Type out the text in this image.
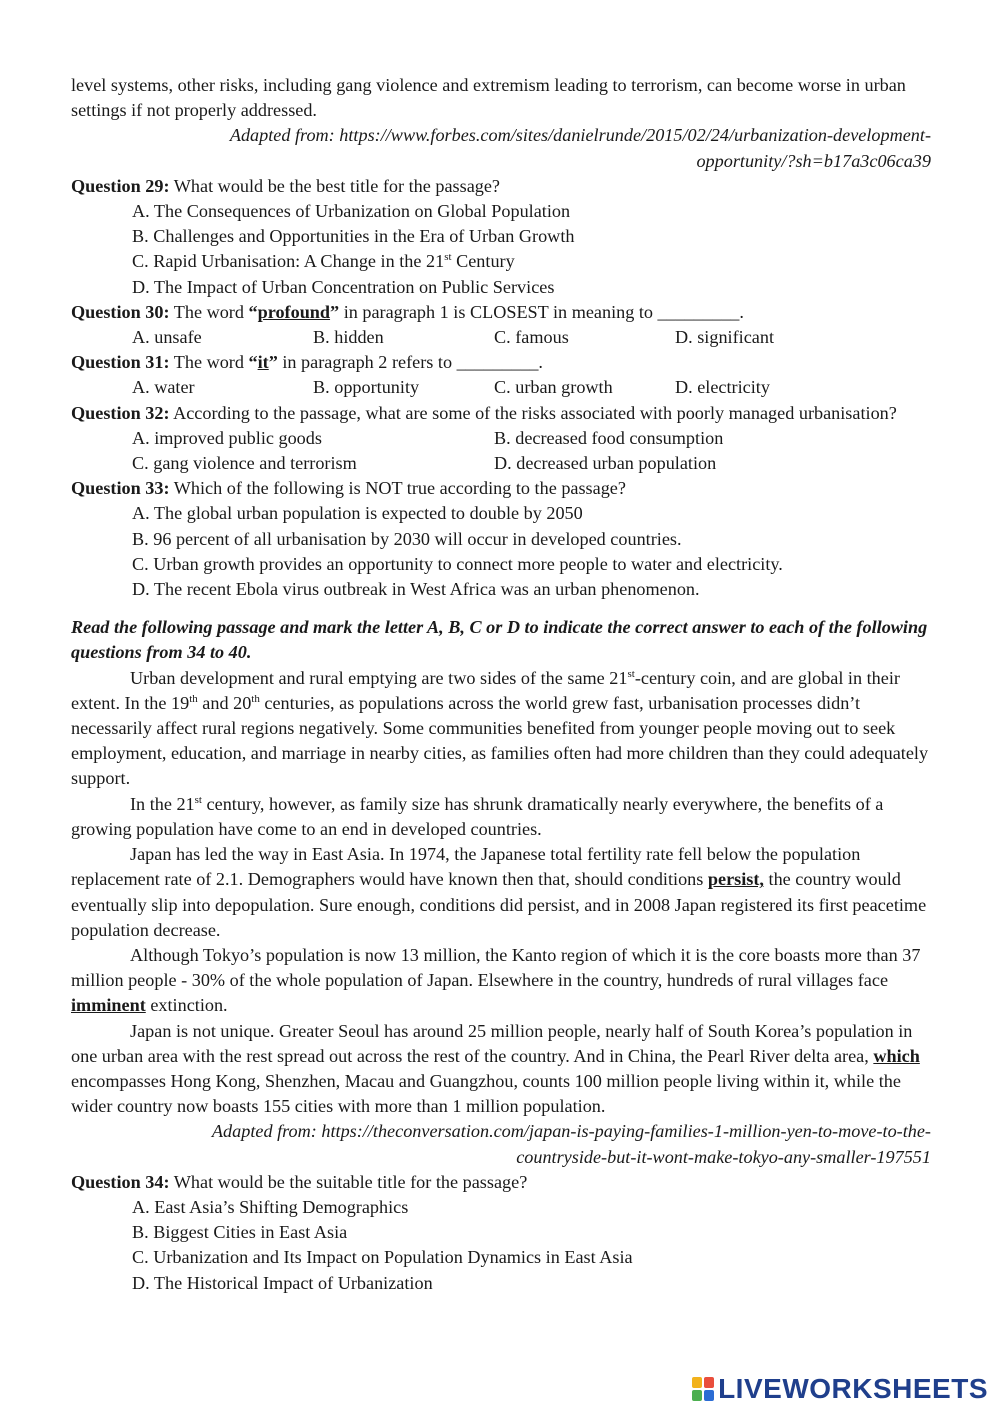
level systems, other risks, including gang violence and extremism leading to terrorism, can become worse in urban settings if not properly addressed.

Adapted from: https://www.forbes.com/sites/danielrunde/2015/02/24/urbanization-development-

opportunity/?sh=b17a3c06ca39

Question 29: What would be the best title for the passage?

A. The Consequences of Urbanization on Global Population

B. Challenges and Opportunities in the Era of Urban Growth

C. Rapid Urbanisation: A Change in the 21st Century

D. The Impact of Urban Concentration on Public Services

Question 30: The word “profound” in paragraph 1 is CLOSEST in meaning to _________.

A. unsafe	B. hidden	C. famous	D. significant

Question 31: The word “it” in paragraph 2 refers to _________.

A. water	B. opportunity	C. urban growth	D. electricity

Question 32: According to the passage, what are some of the risks associated with poorly managed urbanisation?

A. improved public goods	B. decreased food consumption
C. gang violence and terrorism	D. decreased urban population

Question 33: Which of the following is NOT true according to the passage?

A. The global urban population is expected to double by 2050

B. 96 percent of all urbanisation by 2030 will occur in developed countries.

C. Urban growth provides an opportunity to connect more people to water and electricity.

D. The recent Ebola virus outbreak in West Africa was an urban phenomenon.

Read the following passage and mark the letter A, B, C or D to indicate the correct answer to each of the following questions from 34 to 40.

Urban development and rural emptying are two sides of the same 21st-century coin, and are global in their extent. In the 19th and 20th centuries, as populations across the world grew fast, urbanisation processes didn’t necessarily affect rural regions negatively. Some communities benefited from younger people moving out to seek employment, education, and marriage in nearby cities, as families often had more children than they could adequately support.

In the 21st century, however, as family size has shrunk dramatically nearly everywhere, the benefits of a growing population have come to an end in developed countries.

Japan has led the way in East Asia. In 1974, the Japanese total fertility rate fell below the population replacement rate of 2.1. Demographers would have known then that, should conditions persist, the country would eventually slip into depopulation. Sure enough, conditions did persist, and in 2008 Japan registered its first peacetime population decrease.

Although Tokyo’s population is now 13 million, the Kanto region of which it is the core boasts more than 37 million people - 30% of the whole population of Japan. Elsewhere in the country, hundreds of rural villages face imminent extinction.

Japan is not unique. Greater Seoul has around 25 million people, nearly half of South Korea’s population in one urban area with the rest spread out across the rest of the country. And in China, the Pearl River delta area, which encompasses Hong Kong, Shenzhen, Macau and Guangzhou, counts 100 million people living within it, while the wider country now boasts 155 cities with more than 1 million population.

Adapted from: https://theconversation.com/japan-is-paying-families-1-million-yen-to-move-to-the-

countryside-but-it-wont-make-tokyo-any-smaller-197551

Question 34: What would be the suitable title for the passage?

A. East Asia’s Shifting Demographics

B. Biggest Cities in East Asia

C. Urbanization and Its Impact on Population Dynamics in East Asia

D. The Historical Impact of Urbanization

LIVEWORKSHEETS
